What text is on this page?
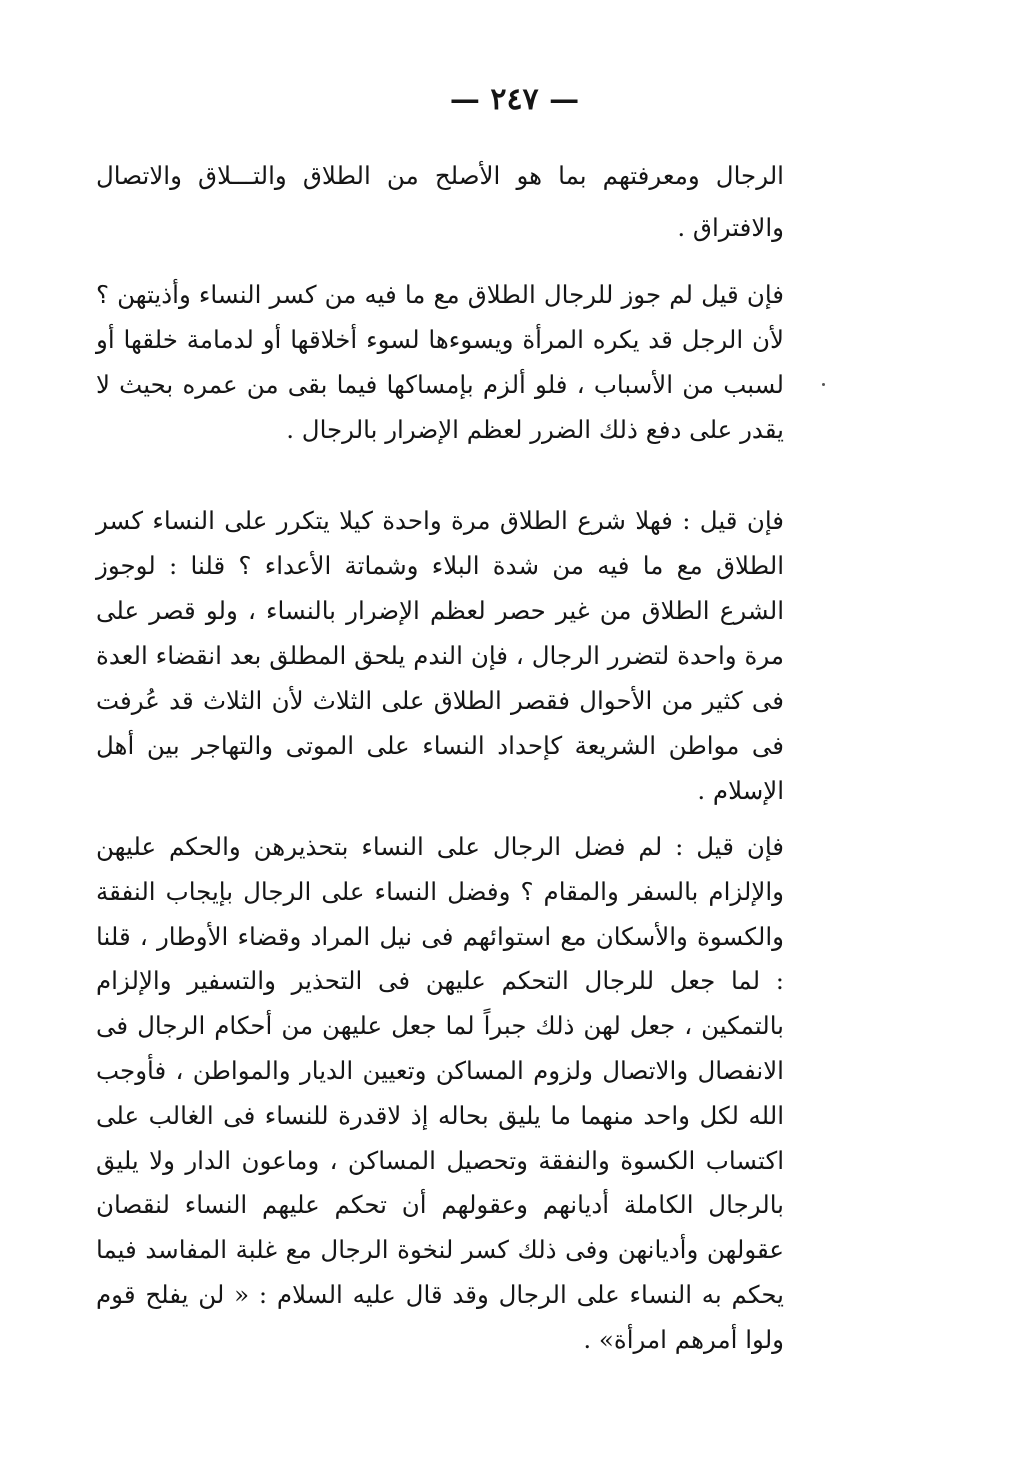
— ٢٤٧ —

الرجال ومعرفتهم بما هو الأصلح من الطلاق والتـــلاق والاتصال والافتراق .

فإن قيل لم جوز للرجال الطلاق مع ما فيه من كسر النساء وأذيتهن ؟ لأن الرجل قد يكره المرأة ويسوءها لسوء أخلاقها أو لدمامة خلقها أو لسبب من الأسباب ، فلو ألزم بإمساكها فيما بقى من عمره بحيث لا يقدر على دفع ذلك الضرر لعظم الإضرار بالرجال .

فإن قيل : فهلا شرع الطلاق مرة واحدة كيلا يتكرر على النساء كسر الطلاق مع ما فيه من شدة البلاء وشماتة الأعداء ؟ قلنا : لوجوز الشرع الطلاق من غير حصر لعظم الإضرار بالنساء ، ولو قصر على مرة واحدة لتضرر الرجال ، فإن الندم يلحق المطلق بعد انقضاء العدة فى كثير من الأحوال فقصر الطلاق على الثلاث لأن الثلاث قد عُرفت فى مواطن الشريعة كإحداد النساء على الموتى والتهاجر بين أهل الإسلام .

فإن قيل : لم فضل الرجال على النساء بتحذيرهن والحكم عليهن والإلزام بالسفر والمقام ؟ وفضل النساء على الرجال بإيجاب النفقة والكسوة والأسكان مع استوائهم فى نيل المراد وقضاء الأوطار ، قلنا : لما جعل للرجال التحكم عليهن فى التحذير والتسفير والإلزام بالتمكين ، جعل لهن ذلك جبراً لما جعل عليهن من أحكام الرجال فى الانفصال والاتصال ولزوم المساكن وتعيين الديار والمواطن ، فأوجب الله لكل واحد منهما ما يليق بحاله إذ لاقدرة للنساء فى الغالب على اكتساب الكسوة والنفقة وتحصيل المساكن ، وماعون الدار ولا يليق بالرجال الكاملة أديانهم وعقولهم أن تحكم عليهم النساء لنقصان عقولهن وأديانهن وفى ذلك كسر لنخوة الرجال مع غلبة المفاسد فيما يحكم به النساء على الرجال وقد قال عليه السلام : « لن يفلح قوم ولوا أمرهم امرأة» .
